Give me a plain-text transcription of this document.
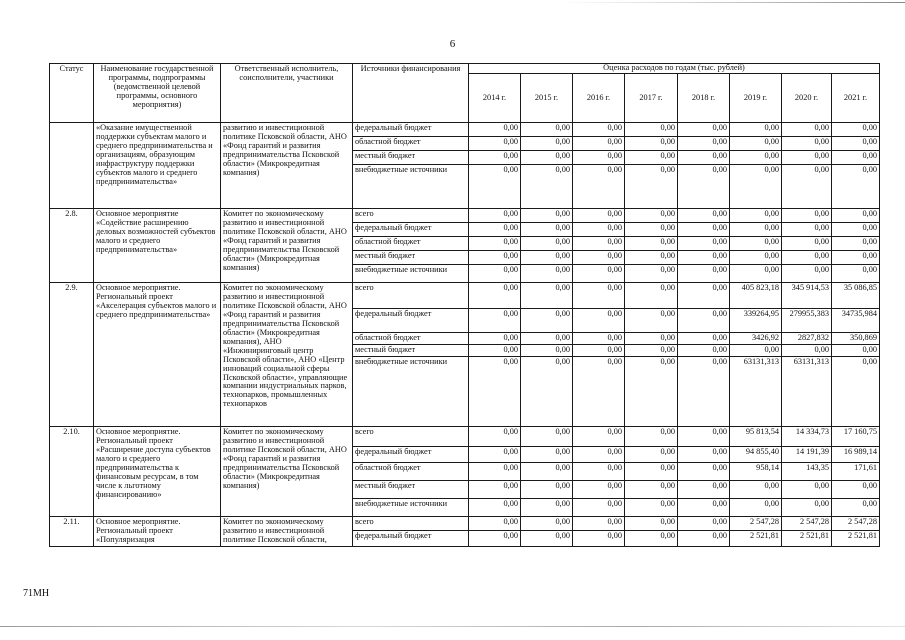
6
Статус	Наименование государственной программы, подпрограммы (ведомственной целевой программы, основного мероприятия)	Ответственный исполнитель, соисполнители, участники	Источники финансирования	Оценка расходов по годам (тыс. рублей)							
				2014 г.	2015 г.	2016 г.	2017 г.	2018 г.	2019 г.	2020 г.	2021 г.
	«Оказание имущественной поддержки субъектам малого и среднего предпринимательства и организациям, образующим инфраструктуру поддержки субъектов малого и среднего предпринимательства»	развитию и инвестиционной политике Псковской области, АНО «Фонд гарантий и развития предпринимательства Псковской области» (Микрокредитная компания)	федеральный бюджет	0,00	0,00	0,00	0,00	0,00	0,00	0,00	0,00
			областной бюджет	0,00	0,00	0,00	0,00	0,00	0,00	0,00	0,00
			местный бюджет	0,00	0,00	0,00	0,00	0,00	0,00	0,00	0,00
			внебюджетные источники	0,00	0,00	0,00	0,00	0,00	0,00	0,00	0,00
2.8.	Основное мероприятие «Содействие расширению деловых возможностей субъектов малого и среднего предпринимательства»	Комитет по экономическому развитию и инвестиционной политике Псковской области, АНО «Фонд гарантий и развития предпринимательства Псковской области» (Микрокредитная компания)	всего	0,00	0,00	0,00	0,00	0,00	0,00	0,00	0,00
			федеральный бюджет	0,00	0,00	0,00	0,00	0,00	0,00	0,00	0,00
			областной бюджет	0,00	0,00	0,00	0,00	0,00	0,00	0,00	0,00
			местный бюджет	0,00	0,00	0,00	0,00	0,00	0,00	0,00	0,00
			внебюджетные источники	0,00	0,00	0,00	0,00	0,00	0,00	0,00	0,00
2.9.	Основное мероприятие. Региональный проект «Акселерация субъектов малого и среднего предпринимательства»	Комитет по экономическому развитию и инвестиционной политике Псковской области, АНО «Фонд гарантий и развития предпринимательства Псковской области» (Микрокредитная компания), АНО «Инжиниринговый центр Псковской области», АНО «Центр инноваций социальной сферы Псковской области», управляющие компании индустриальных парков, технопарков, промышленных технопарков	всего	0,00	0,00	0,00	0,00	0,00	405 823,18	345 914,53	35 086,85
			федеральный бюджет	0,00	0,00	0,00	0,00	0,00	339264,95	279955,383	34735,984
			областной бюджет	0,00	0,00	0,00	0,00	0,00	3426,92	2827,832	350,869
			местный бюджет	0,00	0,00	0,00	0,00	0,00	0,00	0,00	0,00
			внебюджетные источники	0,00	0,00	0,00	0,00	0,00	63131,313	63131,313	0,00
2.10.	Основное мероприятие. Региональный проект «Расширение доступа субъектов малого и среднего предпринимательства к финансовым ресурсам, в том числе к льготному финансированию»	Комитет по экономическому развитию и инвестиционной политике Псковской области, АНО «Фонд гарантий и развития предпринимательства Псковской области» (Микрокредитная компания)	всего	0,00	0,00	0,00	0,00	0,00	95 813,54	14 334,73	17 160,75
			федеральный бюджет	0,00	0,00	0,00	0,00	0,00	94 855,40	14 191,39	16 989,14
			областной бюджет	0,00	0,00	0,00	0,00	0,00	958,14	143,35	171,61
			местный бюджет	0,00	0,00	0,00	0,00	0,00	0,00	0,00	0,00
			внебюджетные источники	0,00	0,00	0,00	0,00	0,00	0,00	0,00	0,00
2.11.	Основное мероприятие. Региональный проект «Популяризация	Комитет по экономическому развитию и инвестиционной политике Псковской области,	всего	0,00	0,00	0,00	0,00	0,00	2 547,28	2 547,28	2 547,28
			федеральный бюджет	0,00	0,00	0,00	0,00	0,00	2 521,81	2 521,81	2 521,81
71МН
